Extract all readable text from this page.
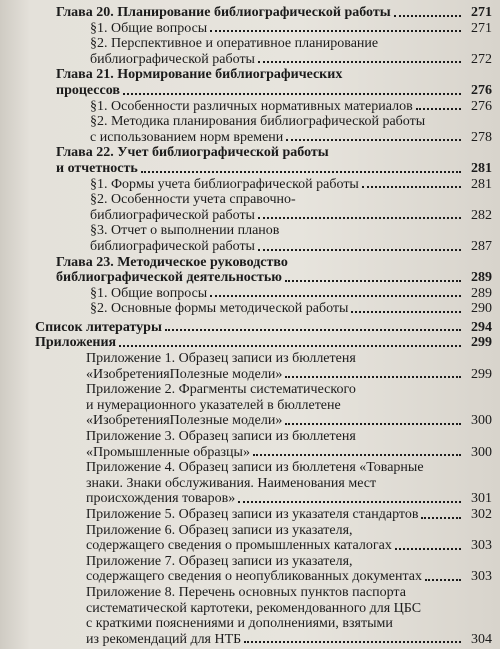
Глава 20. Планирование библиографической работы	271
§1. Общие вопросы	271
§2. Перспективное и оперативное планирование
библиографической работы	272
Глава 21. Нормирование библиографических
процессов	276
§1. Особенности различных нормативных материалов	276
§2. Методика планирования библиографической работы
с использованием норм времени	278
Глава 22. Учет библиографической работы
и отчетность	281
§1. Формы учета библиографической работы	281
§2. Особенности учета справочно-
библиографической работы	282
§3. Отчет о выполнении планов
библиографической работы	287
Глава 23. Методическое руководство
библиографической деятельностью	289
§1. Общие вопросы	289
§2. Основные формы методической работы	290
Список литературы	294
Приложения	299
Приложение 1. Образец записи из бюллетеня
«ИзобретенияПолезные модели»	299
Приложение 2. Фрагменты систематического
и нумерационного указателей в бюллетене
«ИзобретенияПолезные модели»	300
Приложение 3. Образец записи из бюллетеня
«Промышленные образцы»	300
Приложение 4. Образец записи из бюллетеня «Товарные
знаки. Знаки обслуживания. Наименования мест
происхождения товаров»	301
Приложение 5. Образец записи из указателя стандартов	302
Приложение 6. Образец записи из указателя,
содержащего сведения о промышленных каталогах	303
Приложение 7. Образец записи из указателя,
содержащего сведения о неопубликованных документах	303
Приложение 8. Перечень основных пунктов паспорта
систематической картотеки, рекомендованного для ЦБС
с краткими пояснениями и дополнениями, взятыми
из рекомендаций для НТБ	304
